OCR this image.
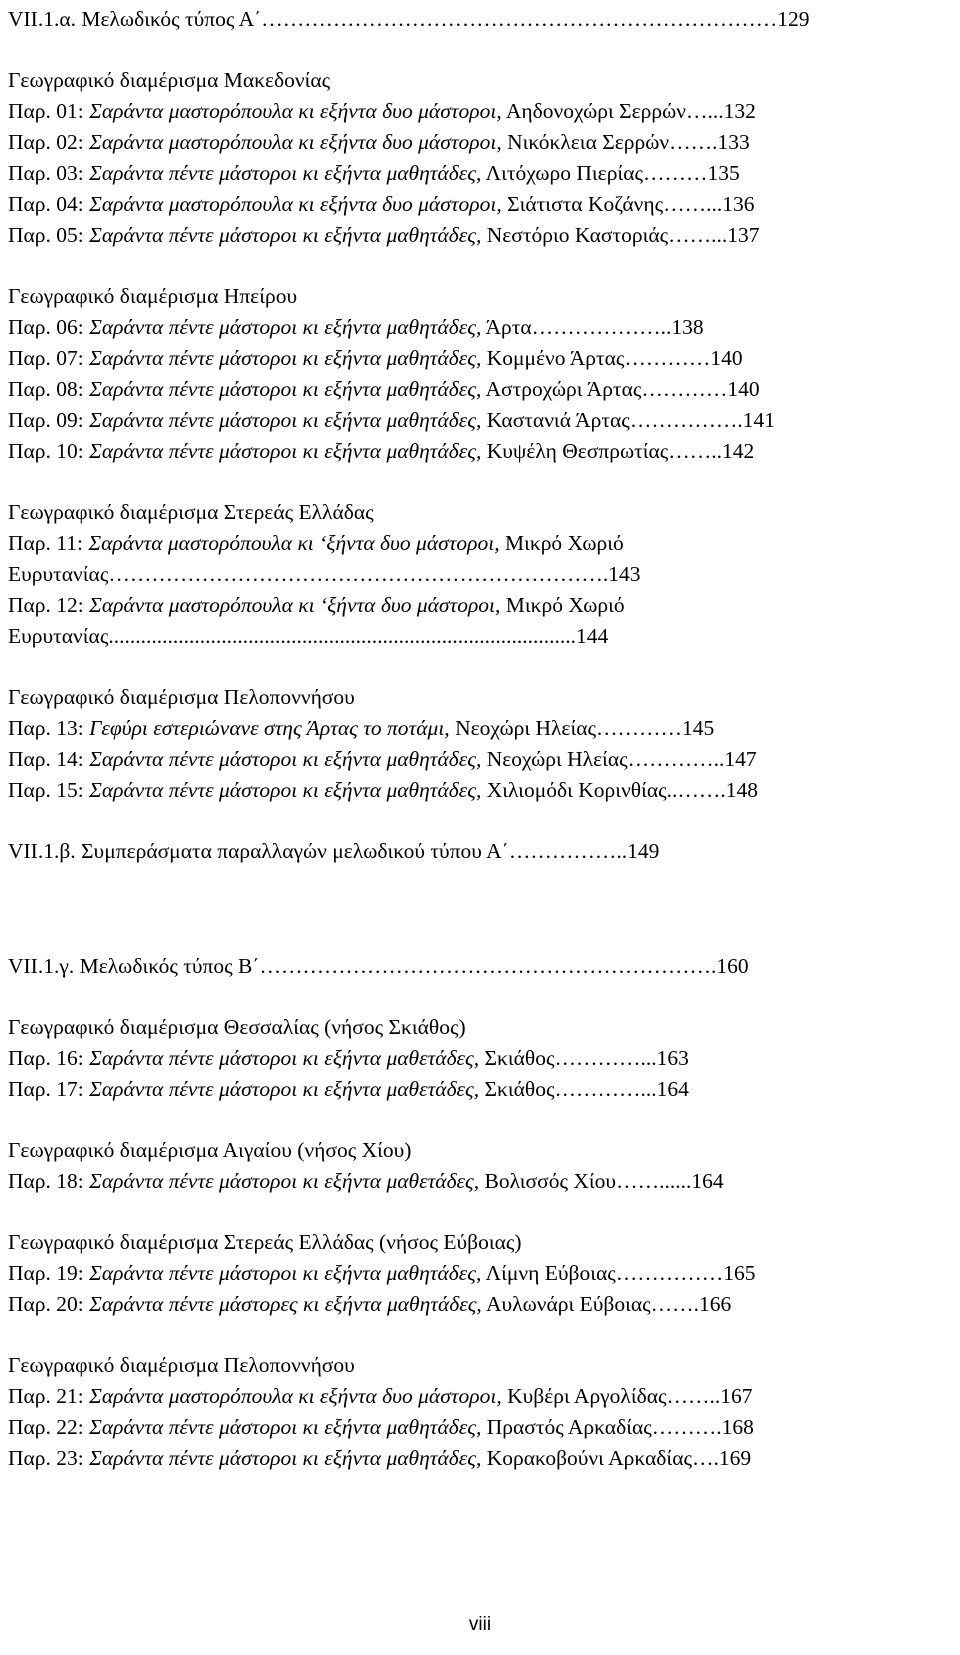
VII.1.α. Μελωδικός τύπος Α΄………………………………………………………………129
Γεωγραφικό διαμέρισμα Μακεδονίας
Παρ. 01: Σαράντα μαστορόπουλα κι εξήντα δυο μάστοροι, Αηδονοχώρι Σερρών…...132
Παρ. 02: Σαράντα μαστορόπουλα κι εξήντα δυο μάστοροι, Νικόκλεια Σερρών…….133
Παρ. 03: Σαράντα πέντε μάστοροι κι εξήντα μαθητάδες, Λιτόχωρο Πιερίας………135
Παρ. 04: Σαράντα μαστορόπουλα κι εξήντα δυο μάστοροι, Σιάτιστα Κοζάνης……...136
Παρ. 05: Σαράντα πέντε μάστοροι κι εξήντα μαθητάδες, Νεστόριο Καστοριάς……...137
Γεωγραφικό διαμέρισμα Ηπείρου
Παρ. 06: Σαράντα πέντε μάστοροι κι εξήντα μαθητάδες, Άρτα………………..138
Παρ. 07: Σαράντα πέντε μάστοροι κι εξήντα μαθητάδες, Κομμένο Άρτας…………140
Παρ. 08: Σαράντα πέντε μάστοροι κι εξήντα μαθητάδες, Αστροχώρι Άρτας…………140
Παρ. 09: Σαράντα πέντε μάστοροι κι εξήντα μαθητάδες, Καστανιά Άρτας…………….141
Παρ. 10: Σαράντα πέντε μάστοροι κι εξήντα μαθητάδες, Κυψέλη Θεσπρωτίας……..142
Γεωγραφικό διαμέρισμα Στερεάς Ελλάδας
Παρ. 11: Σαράντα μαστορόπουλα κι ‘ξήντα δυο μάστοροι, Μικρό Χωριό Ευρυτανίας…………………………………………………………….143
Παρ. 12: Σαράντα μαστορόπουλα κι ‘ξήντα δυο μάστοροι, Μικρό Χωριό Ευρυτανίας.......................................................................................144
Γεωγραφικό διαμέρισμα Πελοποννήσου
Παρ. 13: Γεφύρι εστεριώνανε στης Άρτας το ποτάμι, Νεοχώρι Ηλείας…………145
Παρ. 14: Σαράντα πέντε μάστοροι κι εξήντα μαθητάδες, Νεοχώρι Ηλείας…………..147
Παρ. 15: Σαράντα πέντε μάστοροι κι εξήντα μαθητάδες, Χιλιομόδι Κορινθίας..…….148
VII.1.β. Συμπεράσματα παραλλαγών μελωδικού τύπου Α΄……………..149
VII.1.γ. Μελωδικός τύπος Β΄……………………………………………………….160
Γεωγραφικό διαμέρισμα Θεσσαλίας (νήσος Σκιάθος)
Παρ. 16: Σαράντα πέντε μάστοροι κι εξήντα μαθετάδες, Σκιάθος…………...163
Παρ. 17: Σαράντα πέντε μάστοροι κι εξήντα μαθετάδες, Σκιάθος…………...164
Γεωγραφικό διαμέρισμα Αιγαίου (νήσος Χίου)
Παρ. 18: Σαράντα πέντε μάστοροι κι εξήντα μαθετάδες, Βολισσός Χίου……......164
Γεωγραφικό διαμέρισμα Στερεάς Ελλάδας (νήσος Εύβοιας)
Παρ. 19: Σαράντα πέντε μάστοροι κι εξήντα μαθητάδες, Λίμνη Εύβοιας……………165
Παρ. 20: Σαράντα πέντε μάστορες κι εξήντα μαθητάδες, Αυλωνάρι Εύβοιας…….166
Γεωγραφικό διαμέρισμα Πελοποννήσου
Παρ. 21: Σαράντα μαστορόπουλα κι εξήντα δυο μάστοροι, Κυβέρι Αργολίδας……..167
Παρ. 22: Σαράντα πέντε μάστοροι κι εξήντα μαθητάδες, Πραστός Αρκαδίας……….168
Παρ. 23: Σαράντα πέντε μάστοροι κι εξήντα μαθητάδες, Κορακοβούνι Αρκαδίας….169
viii
